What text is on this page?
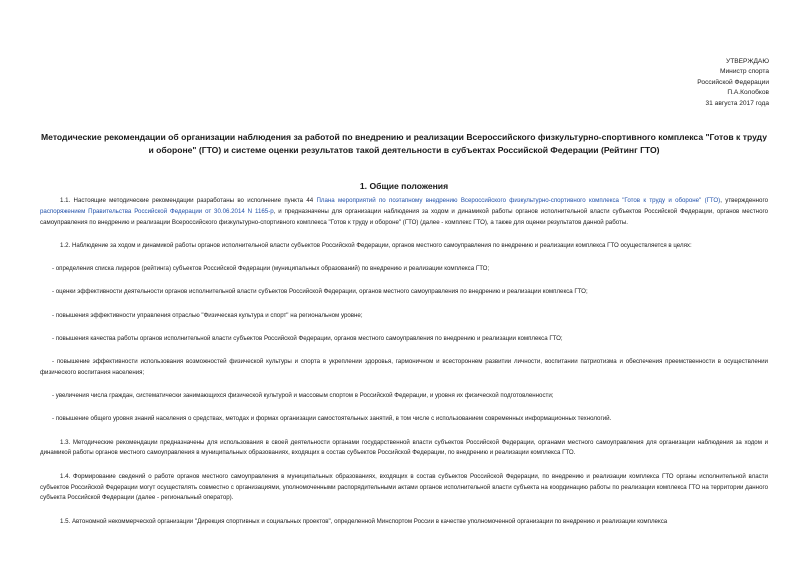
УТВЕРЖДАЮ
Министр спорта
Российской Федерации
П.А.Колобков
31 августа 2017 года
Методические рекомендации об организации наблюдения за работой по внедрению и реализации Всероссийского физкультурно-спортивного комплекса "Готов к труду и обороне" (ГТО) и системе оценки результатов такой деятельности в субъектах Российской Федерации (Рейтинг ГТО)
1. Общие положения

1.1. Настоящие методические рекомендации разработаны во исполнение пункта 44 Плана мероприятий по поэтапному внедрению Всероссийского физкультурно-спортивного комплекса "Готов к труду и обороне" (ГТО), утвержденного распоряжением Правительства Российской Федерации от 30.06.2014 N 1165-р, и предназначены для организации наблюдения за ходом и динамикой работы органов исполнительной власти субъектов Российской Федерации, органов местного самоуправления по внедрению и реализации Всероссийского физкультурно-спортивного комплекса "Готов к труду и обороне" (ГТО) (далее - комплекс ГТО), а также для оценки результатов данной работы.

1.2. Наблюдение за ходом и динамикой работы органов исполнительной власти субъектов Российской Федерации, органов местного самоуправления по внедрению и реализации комплекса ГТО осуществляется в целях:

- определения списка лидеров (рейтинга) субъектов Российской Федерации (муниципальных образований) по внедрению и реализации комплекса ГТО;

- оценки эффективности деятельности органов исполнительной власти субъектов Российской Федерации, органов местного самоуправления по внедрению и реализации комплекса ГТО;

- повышения эффективности управления отраслью "Физическая культура и спорт" на региональном уровне;

- повышения качества работы органов исполнительной власти субъектов Российской Федерации, органов местного самоуправления по внедрению и реализации комплекса ГТО;

- повышение эффективности использования возможностей физической культуры и спорта в укреплении здоровья, гармоничном и всестороннем развитии личности, воспитании патриотизма и обеспечения преемственности в осуществлении физического воспитания населения;

- увеличения числа граждан, систематически занимающихся физической культурой и массовым спортом в Российской Федерации, и уровня их физической подготовленности;

- повышение общего уровня знаний населения о средствах, методах и формах организации самостоятельных занятий, в том числе с использованием современных информационных технологий.

1.3. Методические рекомендации предназначены для использования в своей деятельности органами государственной власти субъектов Российской Федерации, органами местного самоуправления для организации наблюдения за ходом и динамикой работы органов местного самоуправления в муниципальных образованиях, входящих в состав субъектов Российской Федерации, по внедрению и реализации комплекса ГТО.

1.4. Формирование сведений о работе органов местного самоуправления в муниципальных образованиях, входящих в состав субъектов Российской Федерации, по внедрению и реализации комплекса ГТО органы исполнительной власти субъектов Российской Федерации могут осуществлять совместно с организациями, уполномоченными распорядительными актами органов исполнительной власти субъекта на координацию работы по реализации комплекса ГТО на территории данного субъекта Российской Федерации (далее - региональный оператор).

1.5. Автономной некоммерческой организации "Дирекция спортивных и социальных проектов", определенной Минспортом России в качестве уполномоченной организации по внедрению и реализации комплекса
